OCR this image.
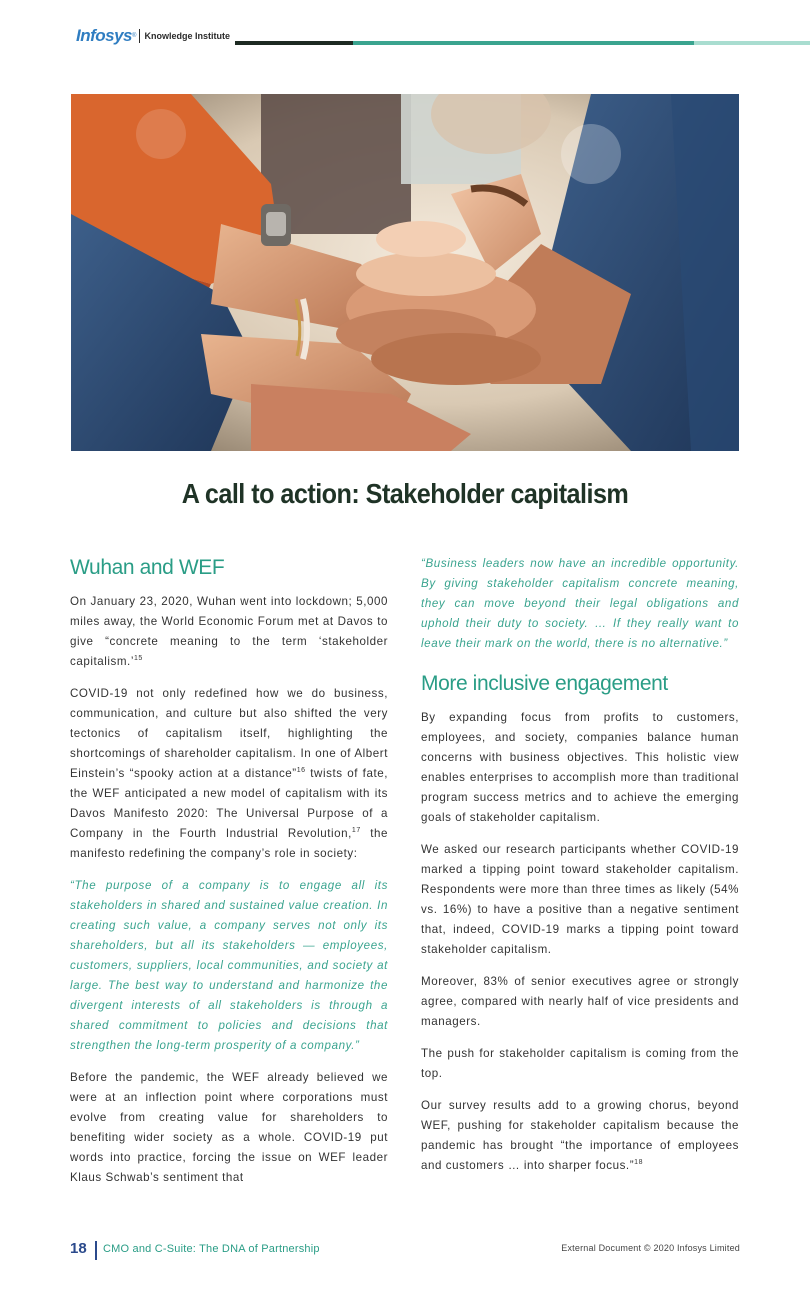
Infosys ® Knowledge Institute
A call to action: Stakeholder capitalism
Wuhan and WEF

On January 23, 2020, Wuhan went into lockdown; 5,000 miles away, the World Economic Forum met at Davos to give “concrete meaning to the term ‘stakeholder capitalism.’$^{15}$

COVID-19 not only redefined how we do business, communication, and culture but also shifted the very tectonics of capitalism itself, highlighting the shortcomings of shareholder capitalism. In one of Albert Einstein’s “spooky action at a distance”$^{16}$ twists of fate, the WEF anticipated a new model of capitalism with its Davos Manifesto 2020: The Universal Purpose of a Company in the Fourth Industrial Revolution,$^{17}$ the manifesto redefining the company’s role in society:

“The purpose of a company is to engage all its stakeholders in shared and sustained value creation. In creating such value, a company serves not only its shareholders, but all its stakeholders — employees, customers, suppliers, local communities, and society at large. The best way to understand and harmonize the divergent interests of all stakeholders is through a shared commitment to policies and decisions that strengthen the long-term prosperity of a company.”

Before the pandemic, the WEF already believed we were at an inflection point where corporations must evolve from creating value for shareholders to benefiting wider society as a whole. COVID-19 put words into practice, forcing the issue on WEF leader Klaus Schwab’s sentiment that

“Business leaders now have an incredible opportunity. By giving stakeholder capitalism concrete meaning, they can move beyond their legal obligations and uphold their duty to society. … If they really want to leave their mark on the world, there is no alternative.”

More inclusive engagement

By expanding focus from profits to customers, employees, and society, companies balance human concerns with business objectives. This holistic view enables enterprises to accomplish more than traditional program success metrics and to achieve the emerging goals of stakeholder capitalism.

We asked our research participants whether COVID-19 marked a tipping point toward stakeholder capitalism. Respondents were more than three times as likely (54% vs. 16%) to have a positive than a negative sentiment that, indeed, COVID-19 marks a tipping point toward stakeholder capitalism.

Moreover, 83% of senior executives agree or strongly agree, compared with nearly half of vice presidents and managers.

The push for stakeholder capitalism is coming from the top.

Our survey results add to a growing chorus, beyond WEF, pushing for stakeholder capitalism because the pandemic has brought “the importance of employees and customers … into sharper focus.”$^{18}$

18 CMO and C-Suite: The DNA of Partnership	External Document © 2020 Infosys Limited
